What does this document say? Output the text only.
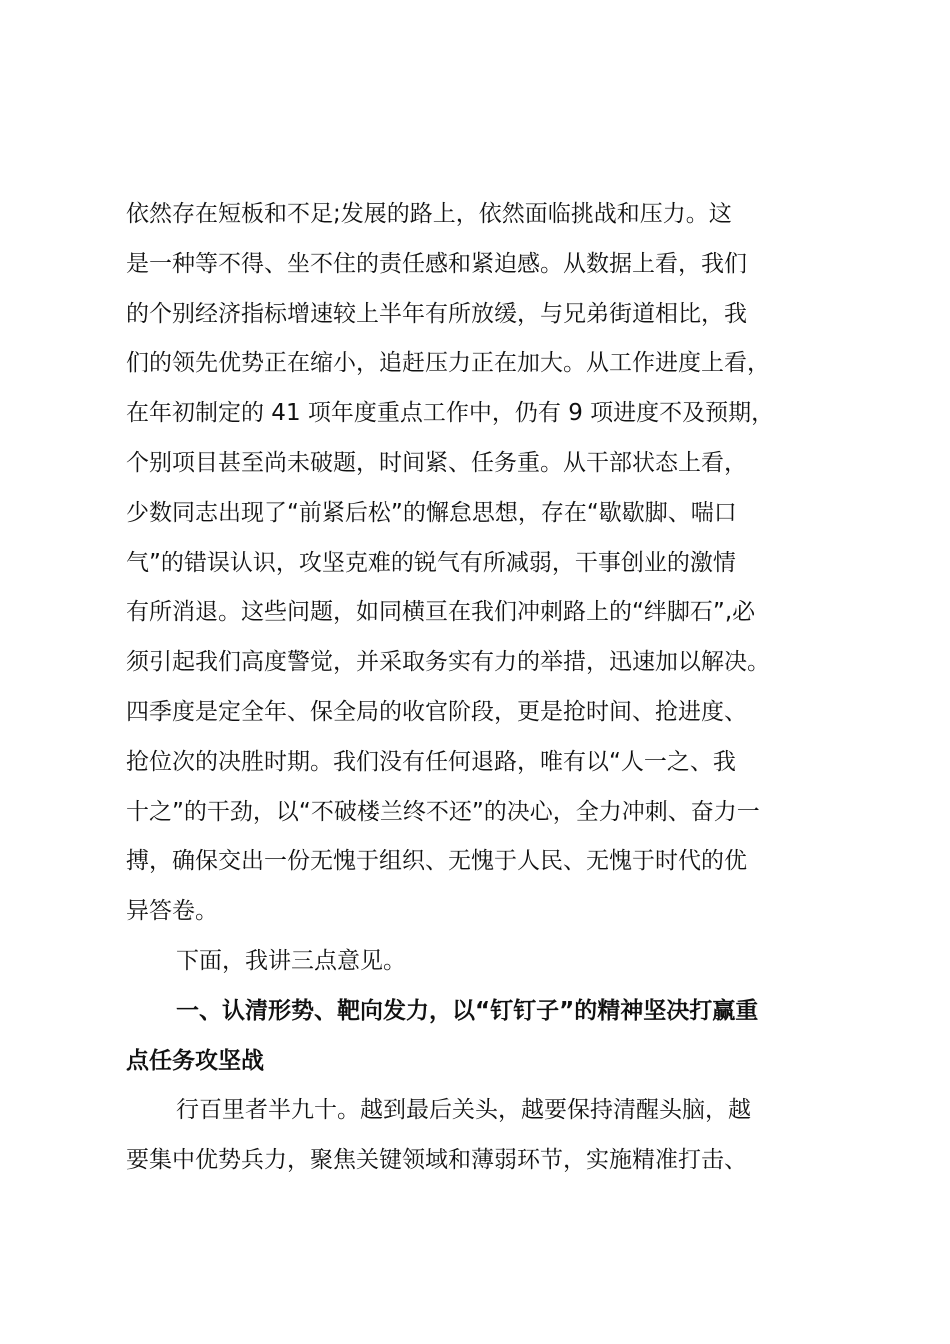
依然存在短板和不足;发展的路上，依然面临挑战和压力。这
是一种等不得、坐不住的责任感和紧迫感。从数据上看，我们
的个别经济指标增速较上半年有所放缓，与兄弟街道相比，我
们的领先优势正在缩小，追赶压力正在加大。从工作进度上看，
在年初制定的 41 项年度重点工作中，仍有 9 项进度不及预期，
个别项目甚至尚未破题，时间紧、任务重。从干部状态上看，
少数同志出现了“前紧后松”的懈怠思想，存在“歇歇脚、喘口
气”的错误认识，攻坚克难的锐气有所减弱，干事创业的激情
有所消退。这些问题，如同横亘在我们冲刺路上的“绊脚石”,必
须引起我们高度警觉，并采取务实有力的举措，迅速加以解决。
四季度是定全年、保全局的收官阶段，更是抢时间、抢进度、
抢位次的决胜时期。我们没有任何退路，唯有以“人一之、我
十之”的干劲，以“不破楼兰终不还”的决心，全力冲刺、奋力一
搏，确保交出一份无愧于组织、无愧于人民、无愧于时代的优
异答卷。
下面，我讲三点意见。
一、认清形势、靶向发力，以“钉钉子”的精神坚决打赢重
点任务攻坚战
行百里者半九十。越到最后关头，越要保持清醒头脑，越
要集中优势兵力，聚焦关键领域和薄弱环节，实施精准打击、
